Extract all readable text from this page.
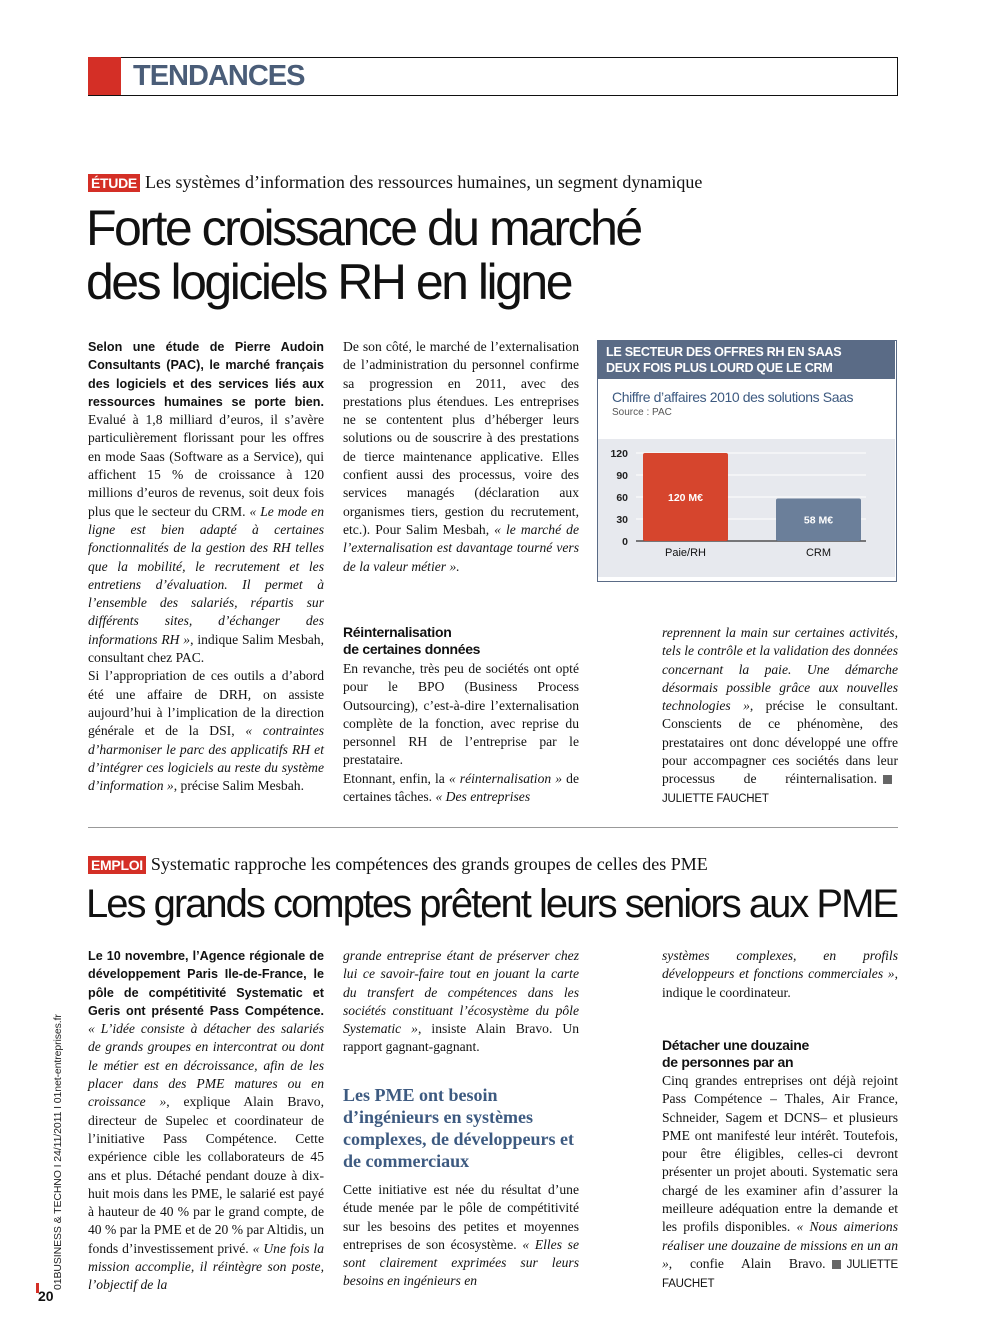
TENDANCES
ÉTUDE Les systèmes d’information des ressources humaines, un segment dynamique
Forte croissance du marché
des logiciels RH en ligne

Selon une étude de Pierre Audoin Consultants (PAC), le marché français des logiciels et des services liés aux ressources humaines se porte bien. Evalué à 1,8 milliard d’euros, il s’avère particulièrement florissant pour les offres en mode Saas (Software as a Service), qui affichent 15 % de croissance à 120 millions d’euros de revenus, soit deux fois plus que le secteur du CRM. « Le mode en ligne est bien adapté à certaines fonctionnalités de la gestion des RH telles que la mobilité, le recrutement et les entretiens d’évaluation. Il permet à l’ensemble des salariés, répartis sur différents sites, d’échanger des informations RH », indique Salim Mesbah, consultant chez PAC.

Si l’appropriation de ces outils a d’abord été une affaire de DRH, on assiste aujourd’hui à l’implication de la direction générale et de la DSI, « contraintes d’harmoniser le parc des applicatifs RH et d’intégrer ces logiciels au reste du système d’information », précise Salim Mesbah.

De son côté, le marché de l’externalisation de l’administration du personnel confirme sa progression en 2011, avec des prestations plus étendues. Les entreprises ne se contentent plus d’héberger leurs solutions ou de souscrire à des prestations de tierce maintenance applicative. Elles confient aussi des processus, voire des services managés (déclaration aux organismes tiers, gestion du recrutement, etc.). Pour Salim Mesbah, « le marché de l’externalisation est davantage tourné vers de la valeur métier ».

Réinternalisation
de certaines données

En revanche, très peu de sociétés ont opté pour le BPO (Business Process Outsourcing), c’est-à-dire l’externalisation complète de la fonction, avec reprise du personnel RH de l’entreprise par le prestataire.

Etonnant, enfin, la « réinternalisation » de certaines tâches. « Des entreprises

reprennent la main sur certaines activités, tels le contrôle et la validation des données concernant la paie. Une démarche désormais possible grâce aux nouvelles technologies », précise le consultant. Conscients de ce phénomène, des prestataires ont donc développé une offre pour accompagner ces sociétés dans leur processus de réinternalisation.JULIETTE FAUCHET

LE SECTEUR DES OFFRES RH EN SAAS
DEUX FOIS PLUS LOURD QUE LE CRM
Chiffre d’affaires 2010 des solutions Saas
Source : PAC
0
30
60
90
120
120 M€
Paie/RH
58 M€
CRM
EMPLOI Systematic rapproche les compétences des grands groupes de celles des PME
Les grands comptes prêtent leurs seniors aux PME

Le 10 novembre, l’Agence régionale de développement Paris Ile-de-France, le pôle de compétitivité Systematic et Geris ont présenté Pass Compétence. « L’idée consiste à détacher des salariés de grands groupes en intercontrat ou dont le métier est en décroissance, afin de les placer dans des PME matures ou en croissance », explique Alain Bravo, directeur de Supelec et coordinateur de l’initiative Pass Compétence. Cette expérience cible les collaborateurs de 45 ans et plus. Détaché pendant douze à dix-huit mois dans les PME, le salarié est payé à hauteur de 40 % par le grand compte, de 40 % par la PME et de 20 % par Altidis, un fonds d’investissement privé. « Une fois la mission accomplie, il réintègre son poste, l’objectif de la

grande entreprise étant de préserver chez lui ce savoir-faire tout en jouant la carte du transfert de compétences dans les sociétés constituant l’écosystème du pôle Systematic », insiste Alain Bravo. Un rapport gagnant-gagnant.

Les PME ont besoin d’ingénieurs en systèmes complexes, de développeurs et de commerciaux

Cette initiative est née du résultat d’une étude menée par le pôle de compétitivité sur les besoins des petites et moyennes entreprises de son écosystème. « Elles se sont clairement exprimées sur leurs besoins en ingénieurs en

systèmes complexes, en profils développeurs et fonctions commerciales », indique le coordinateur.

Détacher une douzaine
de personnes par an

Cinq grandes entreprises ont déjà rejoint Pass Compétence – Thales, Air France, Schneider, Sagem et DCNS– et plusieurs PME ont manifesté leur intérêt. Toutefois, pour être éligibles, celles-ci devront présenter un projet abouti. Systematic sera chargé de les examiner afin d’assurer la meilleure adéquation entre la demande et les profils disponibles. « Nous aimerions réaliser une douzaine de missions en un an », confie Alain Bravo. JULIETTE FAUCHET

01BUSINESS & TECHNO I 24/11/2011 I 01net-entreprises.fr
20
